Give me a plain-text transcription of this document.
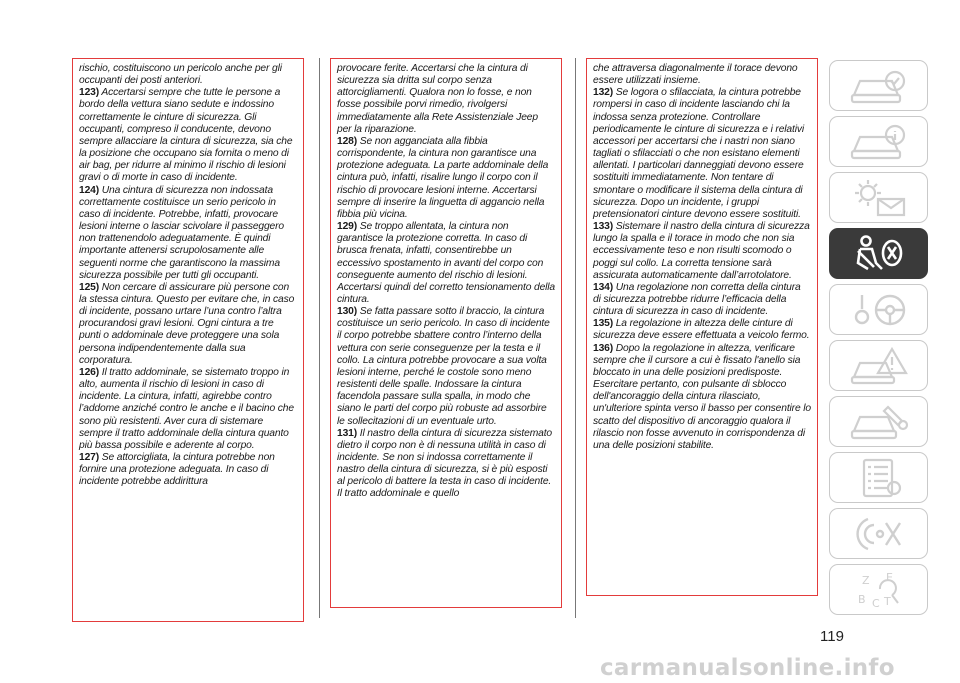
rischio, costituiscono un pericolo anche per gli occupanti dei posti anteriori.

123) Accertarsi sempre che tutte le persone a bordo della vettura siano sedute e indossino correttamente le cinture di sicurezza. Gli occupanti, compreso il conducente, devono sempre allacciare la cintura di sicurezza, sia che la posizione che occupano sia fornita o meno di air bag, per ridurre al minimo il rischio di lesioni gravi o di morte in caso di incidente.

124) Una cintura di sicurezza non indossata correttamente costituisce un serio pericolo in caso di incidente. Potrebbe, infatti, provocare lesioni interne o lasciar scivolare il passeggero non trattenendolo adeguatamente. È quindi importante attenersi scrupolosamente alle seguenti norme che garantiscono la massima sicurezza possibile per tutti gli occupanti.

125) Non cercare di assicurare più persone con la stessa cintura. Questo per evitare che, in caso di incidente, possano urtare l’una contro l’altra procurandosi gravi lesioni. Ogni cintura a tre punti o addominale deve proteggere una sola persona indipendentemente dalla sua corporatura.

126) Il tratto addominale, se sistemato troppo in alto, aumenta il rischio di lesioni in caso di incidente. La cintura, infatti, agirebbe contro l’addome anziché contro le anche e il bacino che sono più resistenti. Aver cura di sistemare sempre il tratto addominale della cintura quanto più bassa possibile e aderente al corpo.

127) Se attorcigliata, la cintura potrebbe non fornire una protezione adeguata. In caso di incidente potrebbe addirittura

provocare ferite. Accertarsi che la cintura di sicurezza sia dritta sul corpo senza attorcigliamenti. Qualora non lo fosse, e non fosse possibile porvi rimedio, rivolgersi immediatamente alla Rete Assistenziale Jeep per la riparazione.

128) Se non agganciata alla fibbia corrispondente, la cintura non garantisce una protezione adeguata. La parte addominale della cintura può, infatti, risalire lungo il corpo con il rischio di provocare lesioni interne. Accertarsi sempre di inserire la linguetta di aggancio nella fibbia più vicina.

129) Se troppo allentata, la cintura non garantisce la protezione corretta. In caso di brusca frenata, infatti, consentirebbe un eccessivo spostamento in avanti del corpo con conseguente aumento del rischio di lesioni. Accertarsi quindi del corretto tensionamento della cintura.

130) Se fatta passare sotto il braccio, la cintura costituisce un serio pericolo. In caso di incidente il corpo potrebbe sbattere contro l’interno della vettura con serie conseguenze per la testa e il collo. La cintura potrebbe provocare a sua volta lesioni interne, perché le costole sono meno resistenti delle spalle. Indossare la cintura facendola passare sulla spalla, in modo che siano le parti del corpo più robuste ad assorbire le sollecitazioni di un eventuale urto.

131) Il nastro della cintura di sicurezza sistemato dietro il corpo non è di nessuna utilità in caso di incidente. Se non si indossa correttamente il nastro della cintura di sicurezza, si è più esposti al pericolo di battere la testa in caso di incidente. Il tratto addominale e quello

che attraversa diagonalmente il torace devono essere utilizzati insieme.

132) Se logora o sfilacciata, la cintura potrebbe rompersi in caso di incidente lasciando chi la indossa senza protezione. Controllare periodicamente le cinture di sicurezza e i relativi accessori per accertarsi che i nastri non siano tagliati o sfilacciati o che non esistano elementi allentati. I particolari danneggiati devono essere sostituiti immediatamente. Non tentare di smontare o modificare il sistema della cintura di sicurezza. Dopo un incidente, i gruppi pretensionatori cinture devono essere sostituiti.

133) Sistemare il nastro della cintura di sicurezza lungo la spalla e il torace in modo che non sia eccessivamente teso e non risulti scomodo o poggi sul collo. La corretta tensione sarà assicurata automaticamente dall’arrotolatore.

134) Una regolazione non corretta della cintura di sicurezza potrebbe ridurre l’efficacia della cintura di sicurezza in caso di incidente.

135) La regolazione in altezza delle cinture di sicurezza deve essere effettuata a veicolo fermo.

136) Dopo la regolazione in altezza, verificare sempre che il cursore a cui è fissato l'anello sia bloccato in una delle posizioni predisposte. Esercitare pertanto, con pulsante di sblocco dell'ancoraggio della cintura rilasciato, un'ulteriore spinta verso il basso per consentire lo scatto del dispositivo di ancoraggio qualora il rilascio non fosse avvenuto in corrispondenza di una delle posizioni stabilite.

Z E
B C T
119
carmanualsonline.info
